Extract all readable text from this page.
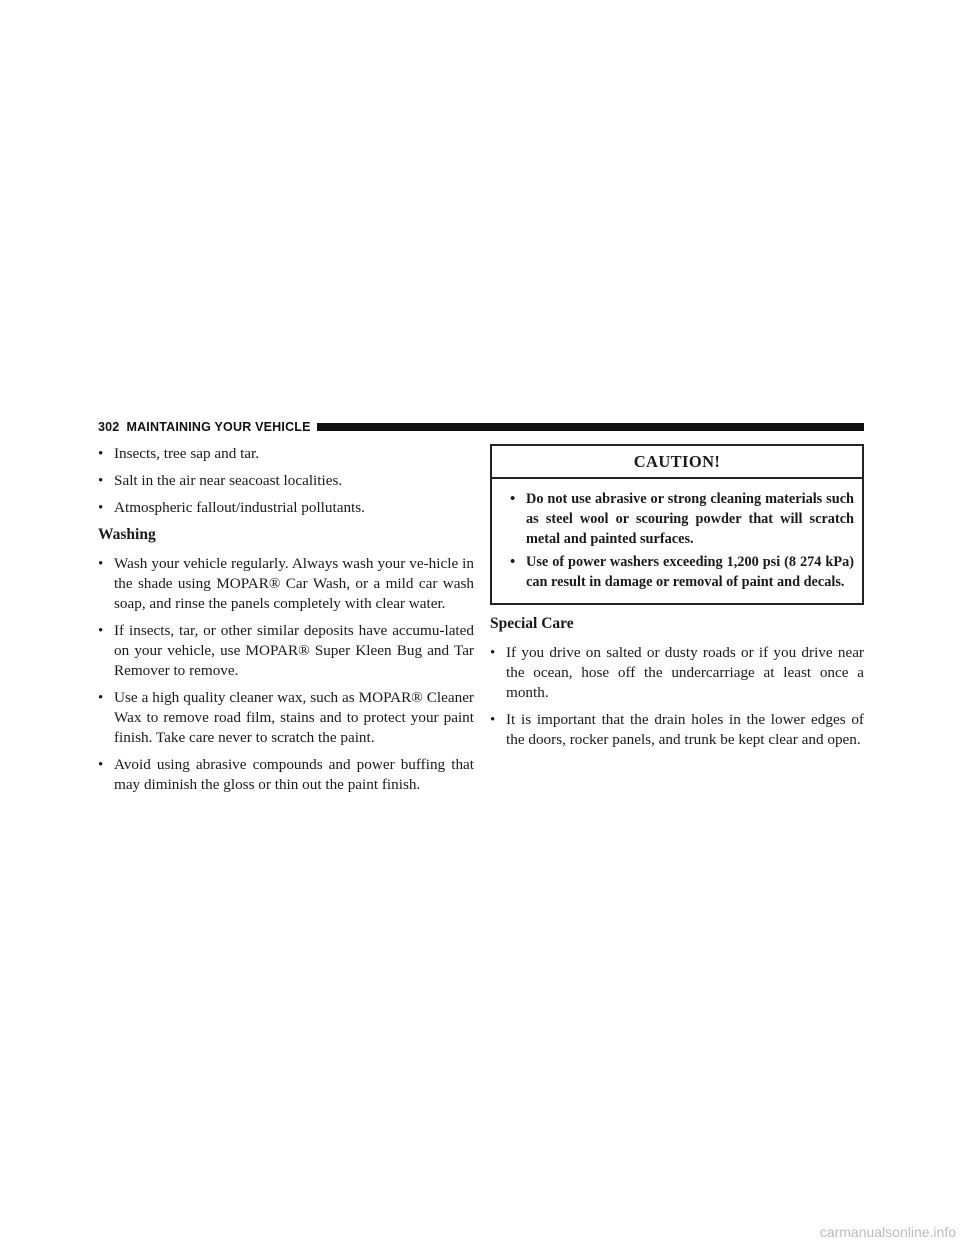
302 MAINTAINING YOUR VEHICLE
• Insects, tree sap and tar.
• Salt in the air near seacoast localities.
• Atmospheric fallout/industrial pollutants.
Washing
• Wash your vehicle regularly. Always wash your ve-hicle in the shade using MOPAR® Car Wash, or a mild car wash soap, and rinse the panels completely with clear water.
• If insects, tar, or other similar deposits have accumu-lated on your vehicle, use MOPAR® Super Kleen Bug and Tar Remover to remove.
• Use a high quality cleaner wax, such as MOPAR® Cleaner Wax to remove road film, stains and to protect your paint finish. Take care never to scratch the paint.
• Avoid using abrasive compounds and power buffing that may diminish the gloss or thin out the paint finish.
CAUTION!
• Do not use abrasive or strong cleaning materials such as steel wool or scouring powder that will scratch metal and painted surfaces.
• Use of power washers exceeding 1,200 psi (8 274 kPa) can result in damage or removal of paint and decals.
Special Care
• If you drive on salted or dusty roads or if you drive near the ocean, hose off the undercarriage at least once a month.
• It is important that the drain holes in the lower edges of the doors, rocker panels, and trunk be kept clear and open.
carmanualsonline.info
